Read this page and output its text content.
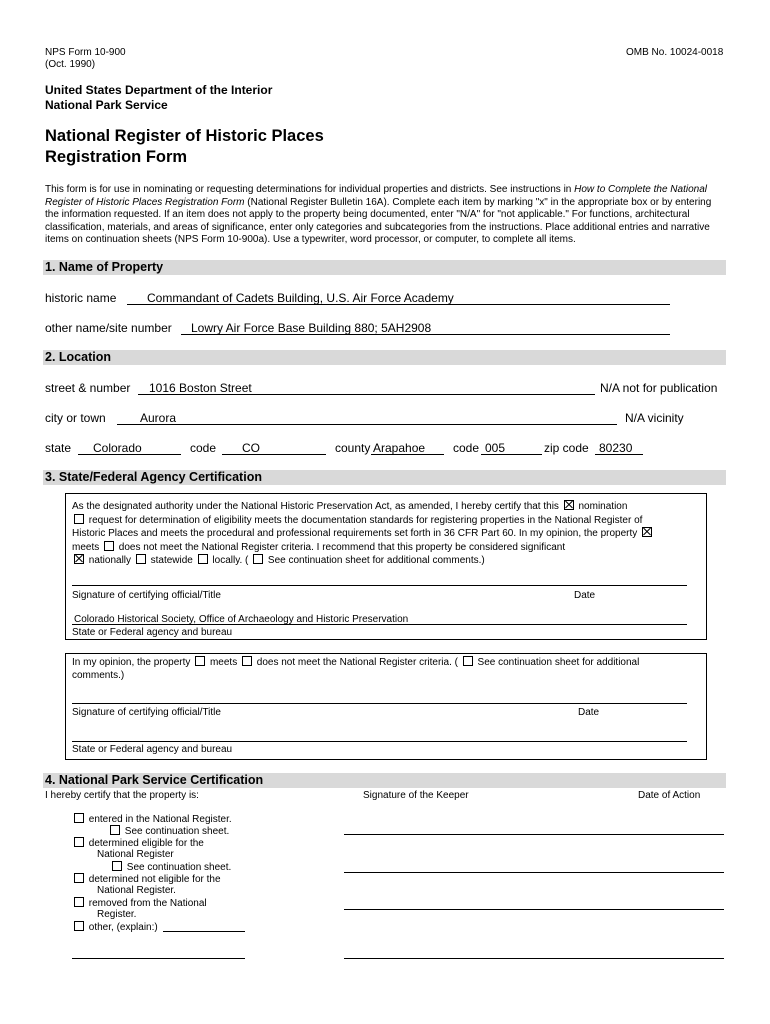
NPS Form 10-900
(Oct. 1990)
OMB No. 10024-0018
United States Department of the Interior
National Park Service
National Register of Historic Places
Registration Form
This form is for use in nominating or requesting determinations for individual properties and districts. See instructions in How to Complete the National
Register of Historic Places Registration Form (National Register Bulletin 16A). Complete each item by marking "x" in the appropriate box or by entering
the information requested. If an item does not apply to the property being documented, enter "N/A" for "not applicable." For functions, architectural
classification, materials, and areas of significance, enter only categories and subcategories from the instructions. Place additional entries and narrative
items on continuation sheets (NPS Form 10-900a). Use a typewriter, word processor, or computer, to complete all items.
1. Name of Property
historic name	Commandant of Cadets Building, U.S. Air Force Academy
other name/site number Lowry Air Force Base Building 880; 5AH2908
2. Location
street & number 1016 Boston Street	N/A not for publication
city or town	Aurora	N/A vicinity
state Colorado	code CO	county Arapahoe code 005	zip code 80230
3. State/Federal Agency Certification
As the designated authority under the National Historic Preservation Act, as amended, I hereby certify that this nomination
request for determination of eligibility meets the documentation standards for registering properties in the National Register of
Historic Places and meets the procedural and professional requirements set forth in 36 CFR Part 60. In my opinion, the property
meets does not meet the National Register criteria. I recommend that this property be considered significant
nationally statewide locally. ( See continuation sheet for additional comments.)
Signature of certifying official/Title	Date
Colorado Historical Society, Office of Archaeology and Historic Preservation
State or Federal agency and bureau
In my opinion, the property meets does not meet the National Register criteria. ( See continuation sheet for additional
comments.)
Signature of certifying official/Title	Date
State or Federal agency and bureau
4. National Park Service Certification
I hereby certify that the property is:	Signature of the Keeper	Date of Action
entered in the National Register.
See continuation sheet.
determined eligible for the
National Register
See continuation sheet.
determined not eligible for the
National Register.
removed from the National
Register.
other, (explain:)
